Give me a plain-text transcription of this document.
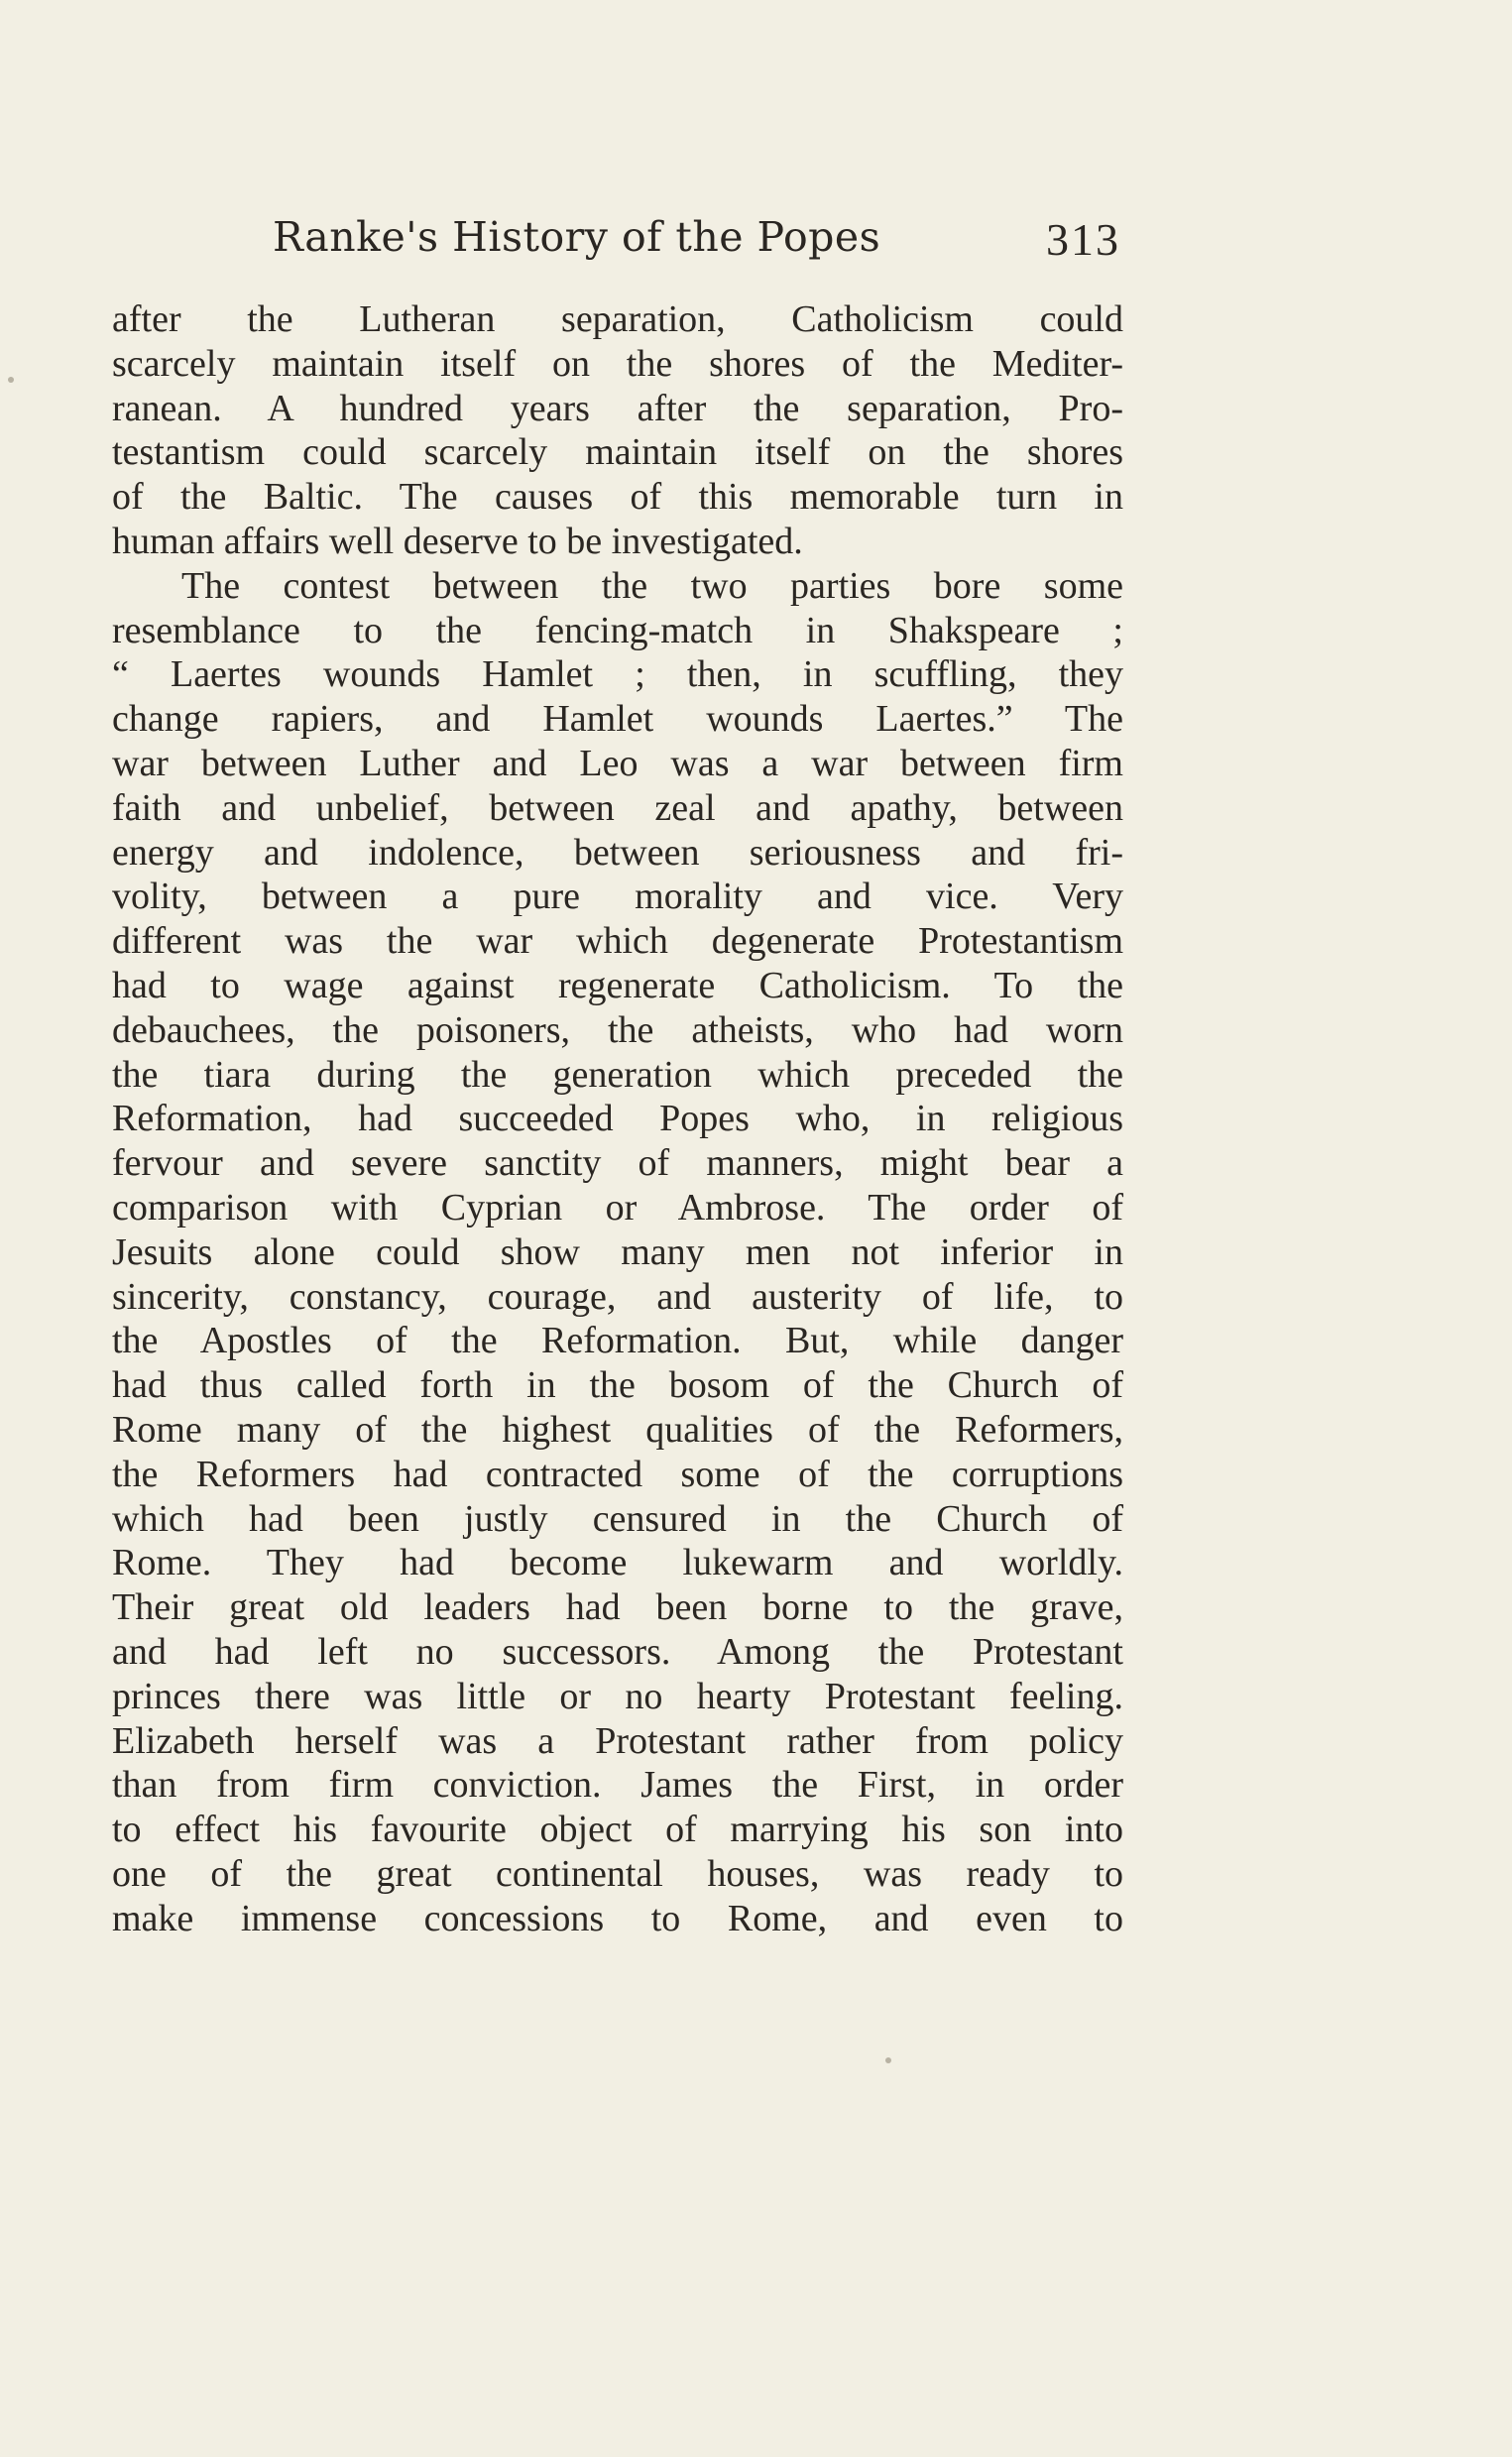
Ranke's History of the Popes	313
after the Lutheran separation, Catholicism could
scarcely maintain itself on the shores of the Mediter-
ranean. A hundred years after the separation, Pro-
testantism could scarcely maintain itself on the shores
of the Baltic. The causes of this memorable turn in
human affairs well deserve to be investigated.
The contest between the two parties bore some
resemblance to the fencing-match in Shakspeare ;
“ Laertes wounds Hamlet ; then, in scuffling, they
change rapiers, and Hamlet wounds Laertes.” The
war between Luther and Leo was a war between firm
faith and unbelief, between zeal and apathy, between
energy and indolence, between seriousness and fri-
volity, between a pure morality and vice. Very
different was the war which degenerate Protestantism
had to wage against regenerate Catholicism. To the
debauchees, the poisoners, the atheists, who had worn
the tiara during the generation which preceded the
Reformation, had succeeded Popes who, in religious
fervour and severe sanctity of manners, might bear a
comparison with Cyprian or Ambrose. The order of
Jesuits alone could show many men not inferior in
sincerity, constancy, courage, and austerity of life, to
the Apostles of the Reformation. But, while danger
had thus called forth in the bosom of the Church of
Rome many of the highest qualities of the Reformers,
the Reformers had contracted some of the corruptions
which had been justly censured in the Church of
Rome. They had become lukewarm and worldly.
Their great old leaders had been borne to the grave,
and had left no successors. Among the Protestant
princes there was little or no hearty Protestant feeling.
Elizabeth herself was a Protestant rather from policy
than from firm conviction. James the First, in order
to effect his favourite object of marrying his son into
one of the great continental houses, was ready to
make immense concessions to Rome, and even to
